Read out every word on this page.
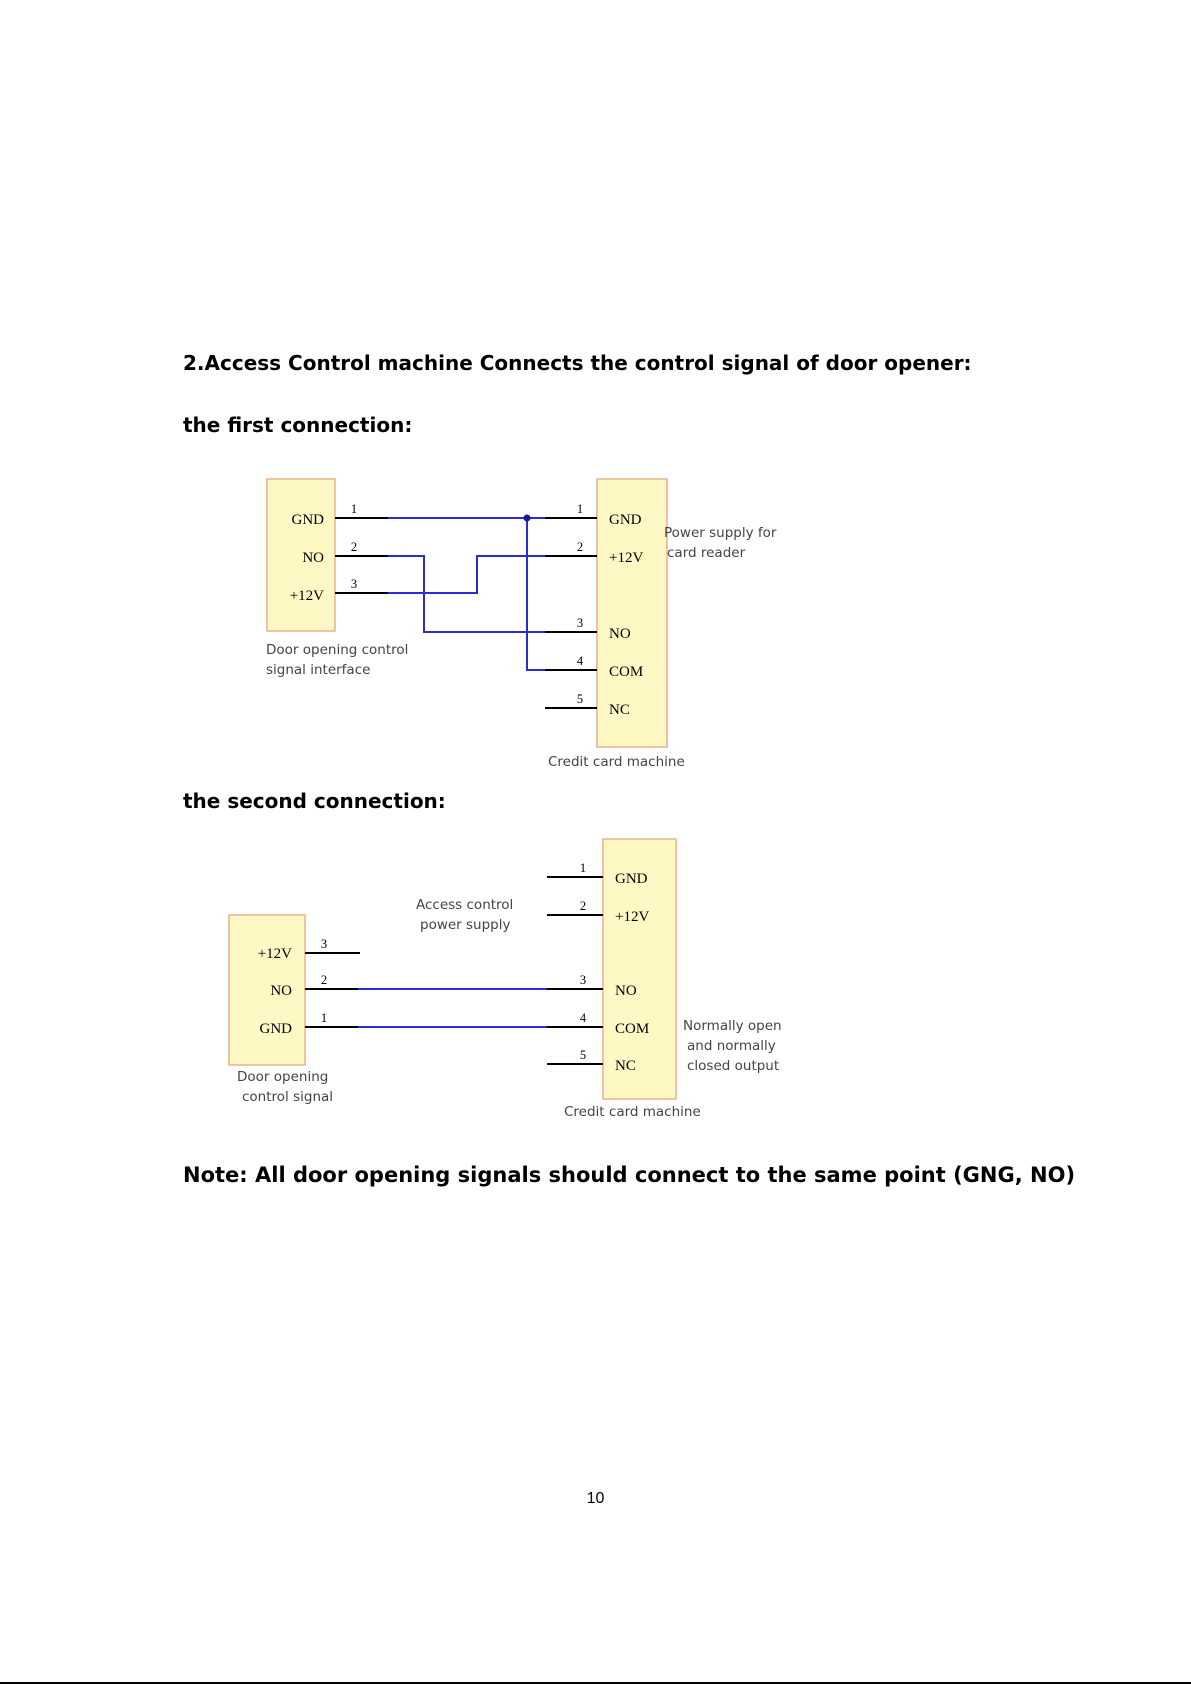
2.Access Control machine Connects the control signal of door opener:
the first connection:
the second connection:
GND
NO
+12V
1
2
3
GND
+12V
NO
COM
NC
1
2
3
4
5
Door opening control
signal interface
Power supply for
card reader
Credit card machine
+12V
NO
GND
3
2
1
GND
+12V
NO
COM
NC
1
2
3
4
5
Access control
power supply
Door opening
control signal
Normally open
and normally
closed output
Credit card machine

Note: All door opening signals should connect to the same point (GNG, NO)

10
